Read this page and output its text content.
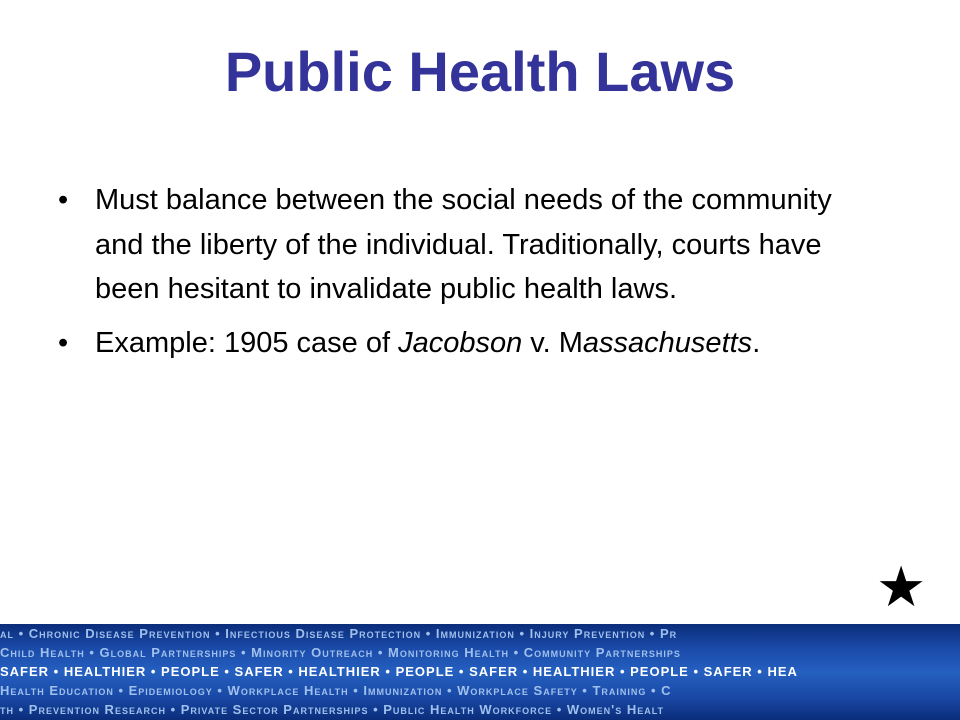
Public Health Laws
• Must balance between the social needs of the community and the liberty of the individual. Traditionally, courts have been hesitant to invalidate public health laws.
• Example: 1905 case of Jacobson v. Massachusetts.
★
al • Chronic Disease Prevention • Infectious Disease Protection • Immunization • Injury Prevention • Pr
Child Health • Global Partnerships • Minority Outreach • Monitoring Health • Community Partnerships
SAFER • HEALTHIER • PEOPLE • SAFER • HEALTHIER • PEOPLE • SAFER • HEALTHIER • PEOPLE • SAFER • HEA
Health Education • Epidemiology • Workplace Health • Immunization • Workplace Safety • Training • C
th • Prevention Research • Private Sector Partnerships • Public Health Workforce • Women's Healt
